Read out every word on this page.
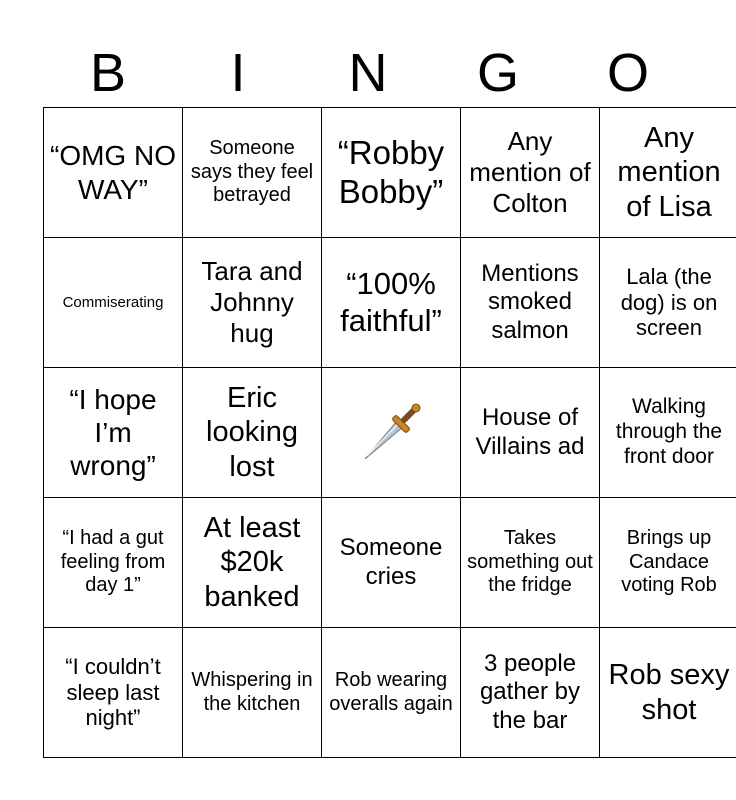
B	I	N	G	O
“OMG NO WAY”	Someone says they feel betrayed	“Robby Bobby”	Any mention of Colton	Any mention of Lisa
Commiserating	Tara and Johnny hug	“100% faithful”	Mentions smoked salmon	Lala (the dog) is on screen
“I hope I’m wrong”	Eric looking lost		House of Villains ad	Walking through the front door
“I had a gut feeling from day 1”	At least $20k banked	Someone cries	Takes something out the fridge	Brings up Candace voting Rob
“I couldn’t sleep last night”	Whispering in the kitchen	Rob wearing overalls again	3 people gather by the bar	Rob sexy shot
